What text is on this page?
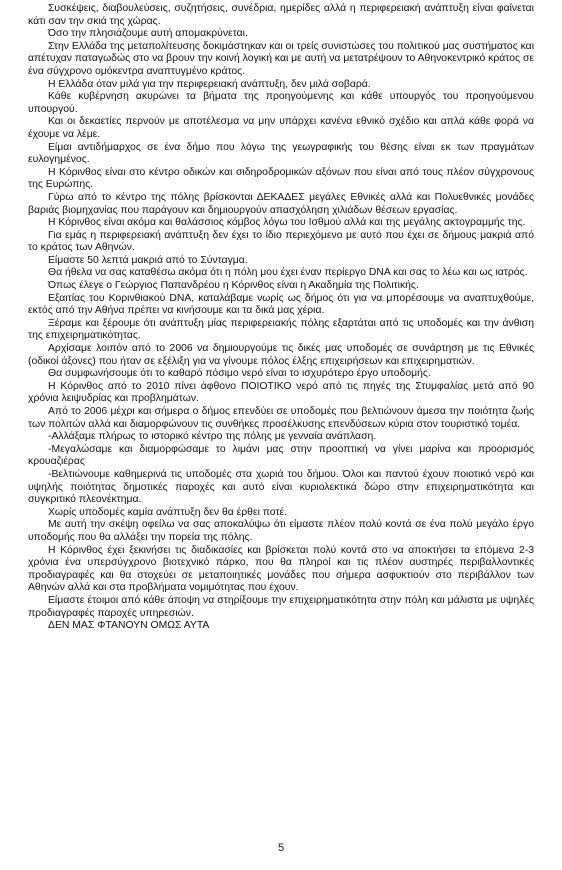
Συσκέψεις, διαβουλεύσεις, συζητήσεις, συνέδρια, ημερίδες αλλά η περιφερειακή ανάπτυξη είναι φαίνεται κάτι σαν την σκιά της χώρας.

Όσο την πλησιάζουμε αυτή απομακρύνεται.

Στην Ελλάδα της μεταπολίτευσης δοκιμάστηκαν και οι τρείς συνιστώσες του πολιτικού μας συστήματος και απέτυχαν παταγωδώς στο να βρουν την κοινή λογική και με αυτή να μετατρέψουν το Αθηνοκεντρικό κράτος σε ένα σύγχρονο ομόκεντρα αναπτυγμένο κράτος.

Η Ελλάδα όταν μιλά για την περιφερειακή ανάπτυξη, δεν μιλά σοβαρά.

Κάθε κυβέρνηση ακυρώνει τα βήματα της προηγούμενης και κάθε υπουργός του προηγούμενου υπουργού.

Και οι δεκαετίες περνούν με αποτέλεσμα να μην υπάρχει κανένα εθνικό σχέδιο και απλά κάθε φορά να έχουμε να λέμε.

Είμαι αντιδήμαρχος σε ένα δήμο που λόγω της γεωγραφικής του θέσης είναι εκ των πραγμάτων ευλογημένος.

Η Κόρινθος είναι στο κέντρο οδικών και σιδηροδρομικών αξόνων που είναι από τους πλέον σύγχρονους της Ευρώπης.

Γύρω από το κέντρο της πόλης βρίσκονται ΔΕΚΑΔΕΣ μεγάλες Εθνικές αλλά και Πολυεθνικές μονάδες βαριάς βιομηχανίας που παράγουν και δημιουργούν απασχόληση χιλιάδων θέσεων εργασίας.

Η Κόρινθος είναι ακόμα και θαλάσσιος κόμβος λόγω του Ισθμού αλλά και της μεγάλης ακτογραμμής της.

Για εμάς η περιφερειακή ανάπτυξη δεν έχει το ίδιο περιεχόμενο με αυτό που έχει σε δήμους μακριά από το κράτος των Αθηνών.

Είμαστε 50 λεπτά μακριά από το Σύνταγμα.

Θα ήθελα να σας καταθέσω ακόμα ότι η πόλη μου έχει έναν περίεργο DNA και σας το λέω και ως ιατρός.

Όπως έλεγε ο Γεώργιος Παπανδρέου η Κόρινθος είναι η Ακαδημία της Πολιτικής.

Εξαιτίας του Κορινθιακού DNA, καταλάβαμε νωρίς ως δήμος ότι για να μπορέσουμε να αναπτυχθούμε, εκτός από την Αθήνα πρέπει να κινήσουμε και τα δικά μας χέρια.

Ξέραμε και ξέρουμε ότι ανάπτυξη μίας περιφερειακής πόλης εξαρτάται από τις υποδομές και την άνθιση της επιχειρηματικότητας.

Αρχίσαμε λοιπόν από το 2006 να δημιουργούμε τις δικές μας υποδομές σε συνάρτηση με τις Εθνικές (οδικοί άξονες) που ήταν σε εξέλιξη για να γίνουμε πόλος έλξης επιχειρήσεων και επιχειρηματιών.

Θα συμφωνήσουμε ότι το καθαρό πόσιμο νερό είναι το ισχυρότερο έργο υποδομής.

Η Κόρινθος από το 2010 πίνει άφθονο ΠΟΙΟΤΙΚΟ νερό από τις πηγές της Στυμφαλίας μετά από 90 χρόνια λειψυδρίας και προβλημάτων.

Από το 2006 μέχρι και σήμερα ο δήμος επενδύει σε υποδομές που βελτιώνουν άμεσα την ποιότητα ζωής των πολιτών αλλά και διαμορφώνουν τις συνθήκες προσέλκυσης επενδύσεων κύρια στον τουριστικό τομέα.

-Αλλάξαμε πλήρως το ιστορικό κέντρο της πόλης με γενναία ανάπλαση.

-Μεγαλώσαμε και διαμορφώσαμε το λιμάνι μας στην προοπτική να γίνει μαρίνα και προορισμός κρουαζιέρας

-Βελτιώνουμε καθημερινά τις υποδομές στα χωριά του δήμου. Όλοι και παντού έχουν ποιοτικό νερό και υψηλής ποιότητας δημοτικές παροχές και αυτό είναι κυριολεκτικά δώρο στην επιχειρηματικότητα και συγκριτικό πλεονέκτημα.

Χωρίς υποδομές καμία ανάπτυξη δεν θα έρθει ποτέ.

Με αυτή την σκέψη οφείλω να σας αποκαλύψω ότι είμαστε πλέον πολύ κοντά σε ένα πολύ μεγάλο έργο υποδομής που θα αλλάξει την πορεία της πόλης.

Η Κόρινθος έχει ξεκινήσει τις διαδικασίες και βρίσκεται πολύ κοντά στο να αποκτήσει τα επόμενα 2-3 χρόνια ένα υπερσύγχρονο βιοτεχνικό πάρκο, που θα πληροί και τις πλέον αυστηρές περιβαλλοντικές προδιαγραφές και θα στοχεύει σε μεταποιητικές μονάδες που σήμερα ασφυκτιούν στο περιβάλλον των Αθηνών αλλά και στα προβλήματα νομιμότητας που έχουν.

Είμαστε έτοιμοι από κάθε άποψη να στηρίξουμε την επιχειρηματικότητα στην πόλη και μάλιστα με υψηλές προδιαγραφές παροχές υπηρεσιών.

ΔΕΝ ΜΑΣ ΦΤΑΝΟΥΝ ΟΜΩΣ ΑΥΤΑ

5
